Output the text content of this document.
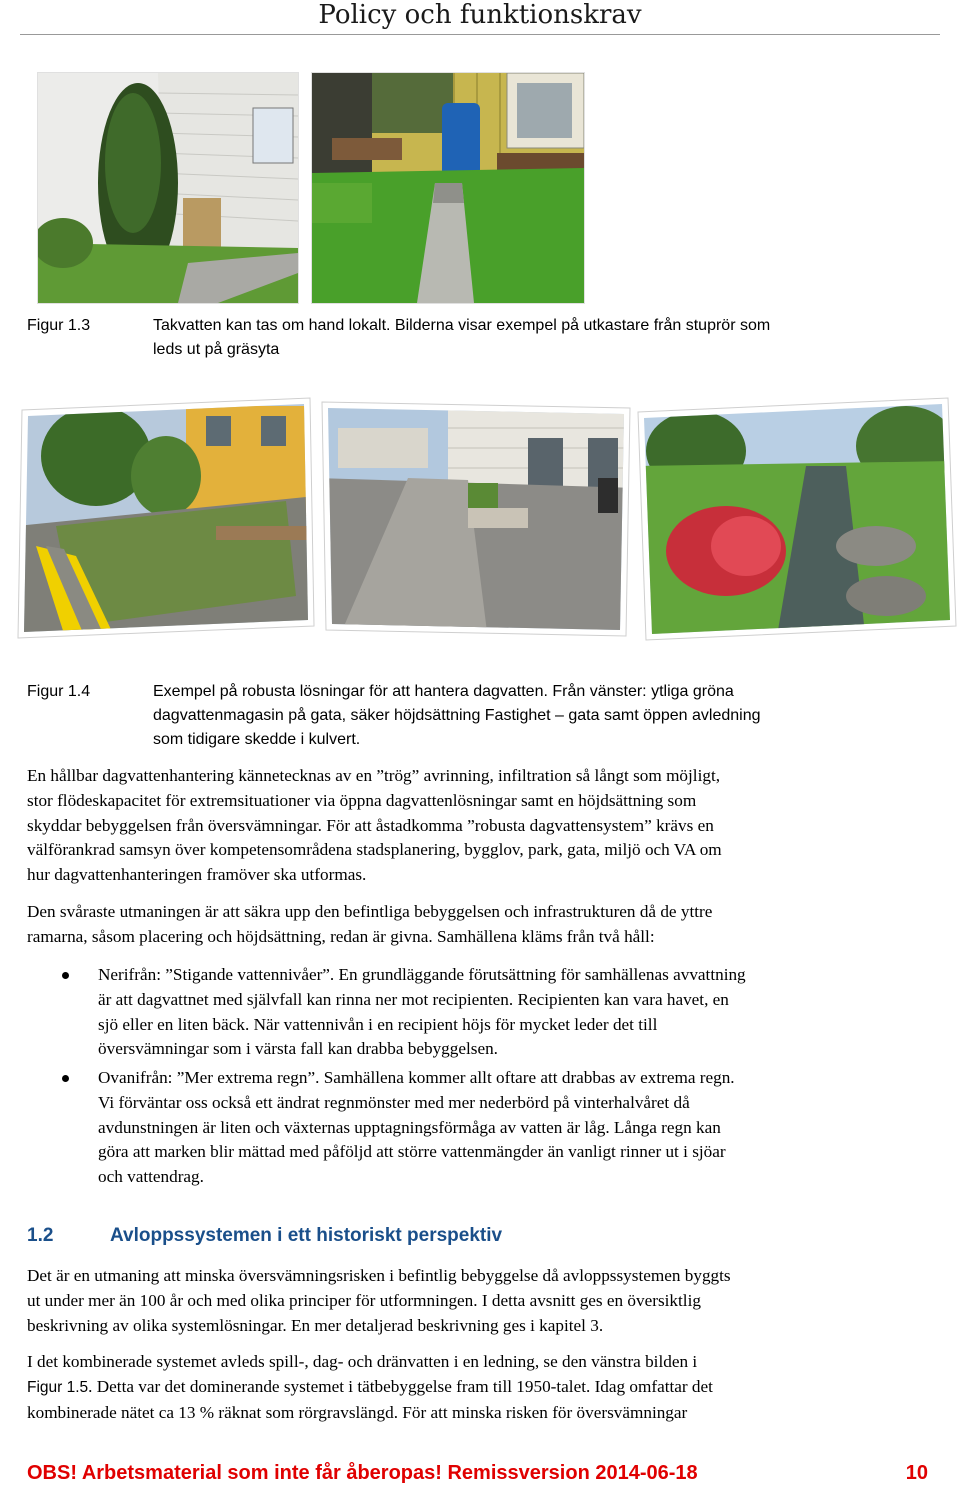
Policy och funktionskrav
Figur 1.3	Takvatten kan tas om hand lokalt. Bilderna visar exempel på utkastare från stuprör som
leds ut på gräsyta
Figur 1.4	Exempel på robusta lösningar för att hantera dagvatten. Från vänster: ytliga gröna
dagvattenmagasin på gata, säker höjdsättning Fastighet – gata samt öppen avledning
som tidigare skedde i kulvert.
En hållbar dagvattenhantering kännetecknas av en ”trög” avrinning, infiltration så långt som möjligt,
stor flödeskapacitet för extremsituationer via öppna dagvattenlösningar samt en höjdsättning som
skyddar bebyggelsen från översvämningar. För att åstadkomma ”robusta dagvattensystem” krävs en
välförankrad samsyn över kompetensområdena stadsplanering, bygglov, park, gata, miljö och VA om
hur dagvattenhanteringen framöver ska utformas.
Den svåraste utmaningen är att säkra upp den befintliga bebyggelsen och infrastrukturen då de yttre
ramarna, såsom placering och höjdsättning, redan är givna. Samhällena kläms från två håll:
Nerifrån: ”Stigande vattennivåer”. En grundläggande förutsättning för samhällenas avvattning
är att dagvattnet med självfall kan rinna ner mot recipienten. Recipienten kan vara havet, en
sjö eller en liten bäck. När vattennivån i en recipient höjs för mycket leder det till
översvämningar som i värsta fall kan drabba bebyggelsen.
Ovanifrån: ”Mer extrema regn”. Samhällena kommer allt oftare att drabbas av extrema regn.
Vi förväntar oss också ett ändrat regnmönster med mer nederbörd på vinterhalvåret då
avdunstningen är liten och växternas upptagningsförmåga av vatten är låg. Långa regn kan
göra att marken blir mättad med påföljd att större vattenmängder än vanligt rinner ut i sjöar
och vattendrag.
1.2	Avloppssystemen i ett historiskt perspektiv
Det är en utmaning att minska översvämningsrisken i befintlig bebyggelse då avloppssystemen byggts
ut under mer än 100 år och med olika principer för utformningen. I detta avsnitt ges en översiktlig
beskrivning av olika systemlösningar. En mer detaljerad beskrivning ges i kapitel 3.
I det kombinerade systemet avleds spill-, dag- och dränvatten i en ledning, se den vänstra bilden i
Figur 1.5. Detta var det dominerande systemet i tätbebyggelse fram till 1950-talet. Idag omfattar det
kombinerade nätet ca 13 % räknat som rörgravslängd. För att minska risken för översvämningar
OBS! Arbetsmaterial som inte får åberopas! Remissversion 2014-06-18	10
